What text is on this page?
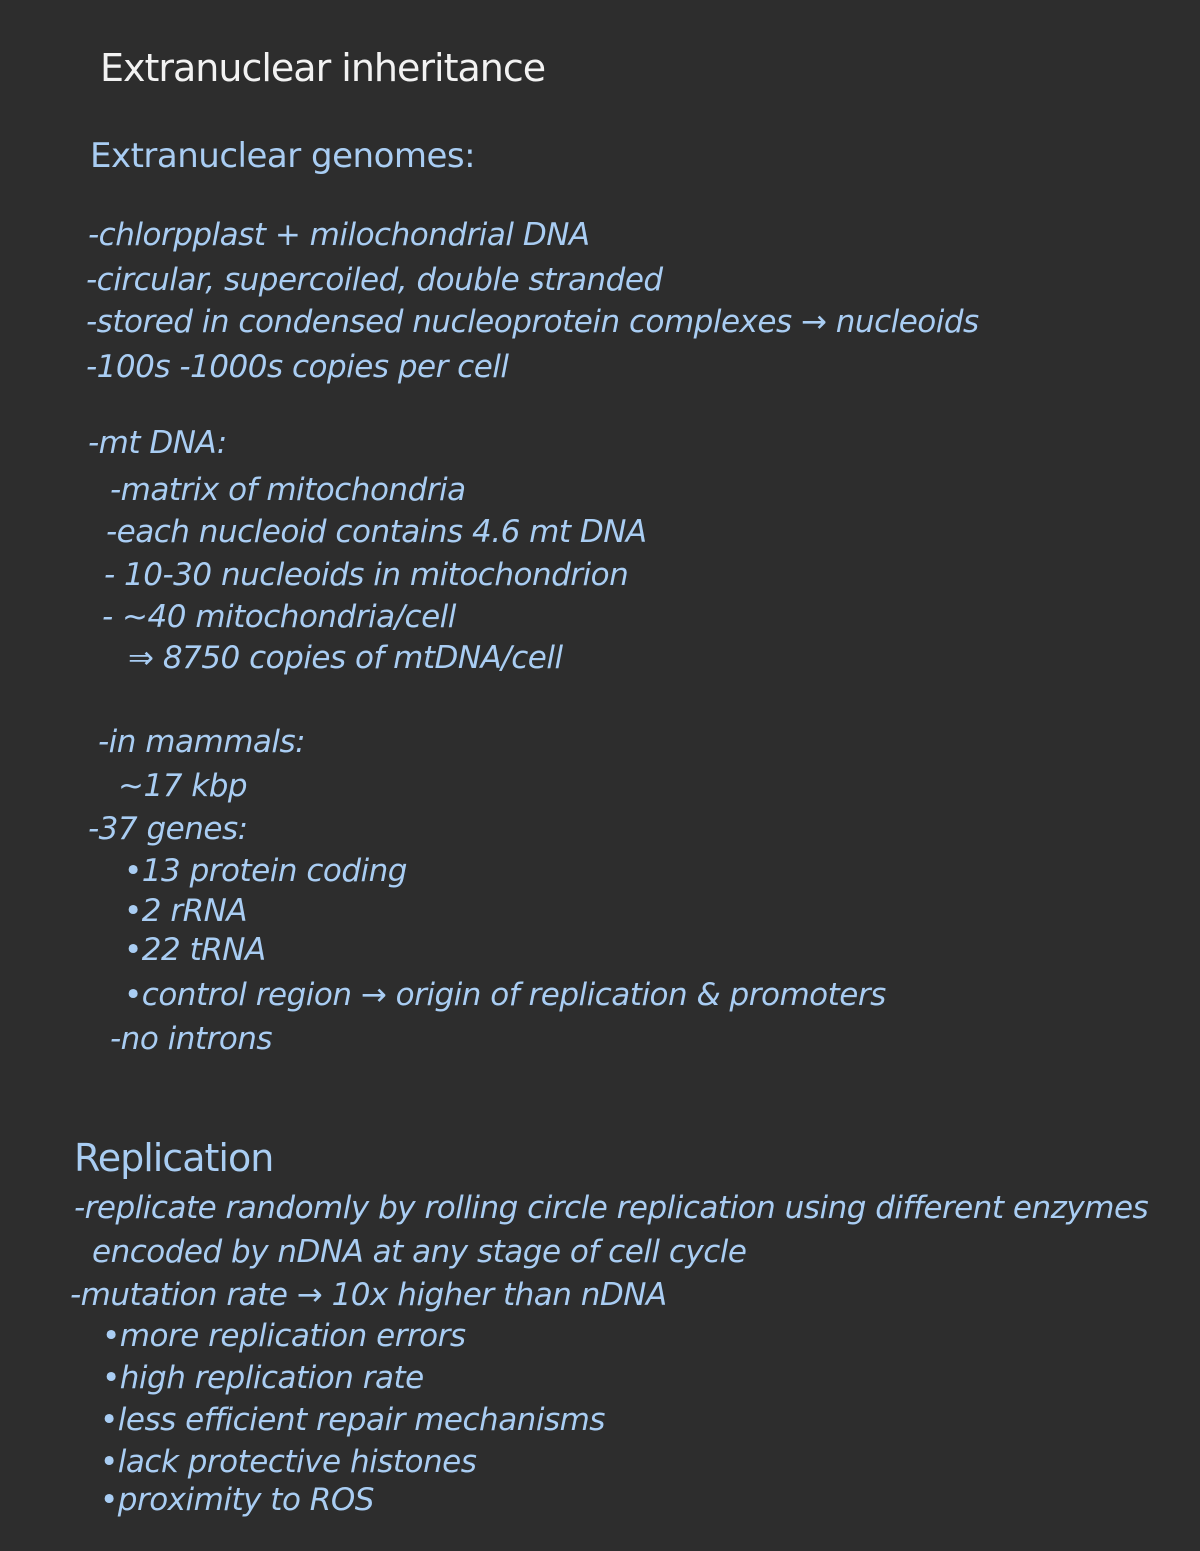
Extranuclear inheritance
Extranuclear genomes:
-chlorpplast + milochondrial DNA
-circular, supercoiled, double stranded
-stored in condensed nucleoprotein complexes → nucleoids
-100s -1000s copies per cell
-mt DNA:
-matrix of mitochondria
-each nucleoid contains 4.6 mt DNA
- 10-30 nucleoids in mitochondrion
- ~40 mitochondria/cell
⇒ 8750 copies of mtDNA/cell
-in mammals:
~17 kbp
-37 genes:
•13 protein coding
•2 rRNA
•22 tRNA
•control region → origin of replication & promoters
-no introns
Replication
-replicate randomly by rolling circle replication using different enzymes
encoded by nDNA at any stage of cell cycle
-mutation rate → 10x higher than nDNA
•more replication errors
•high replication rate
•less efficient repair mechanisms
•lack protective histones
•proximity to ROS
